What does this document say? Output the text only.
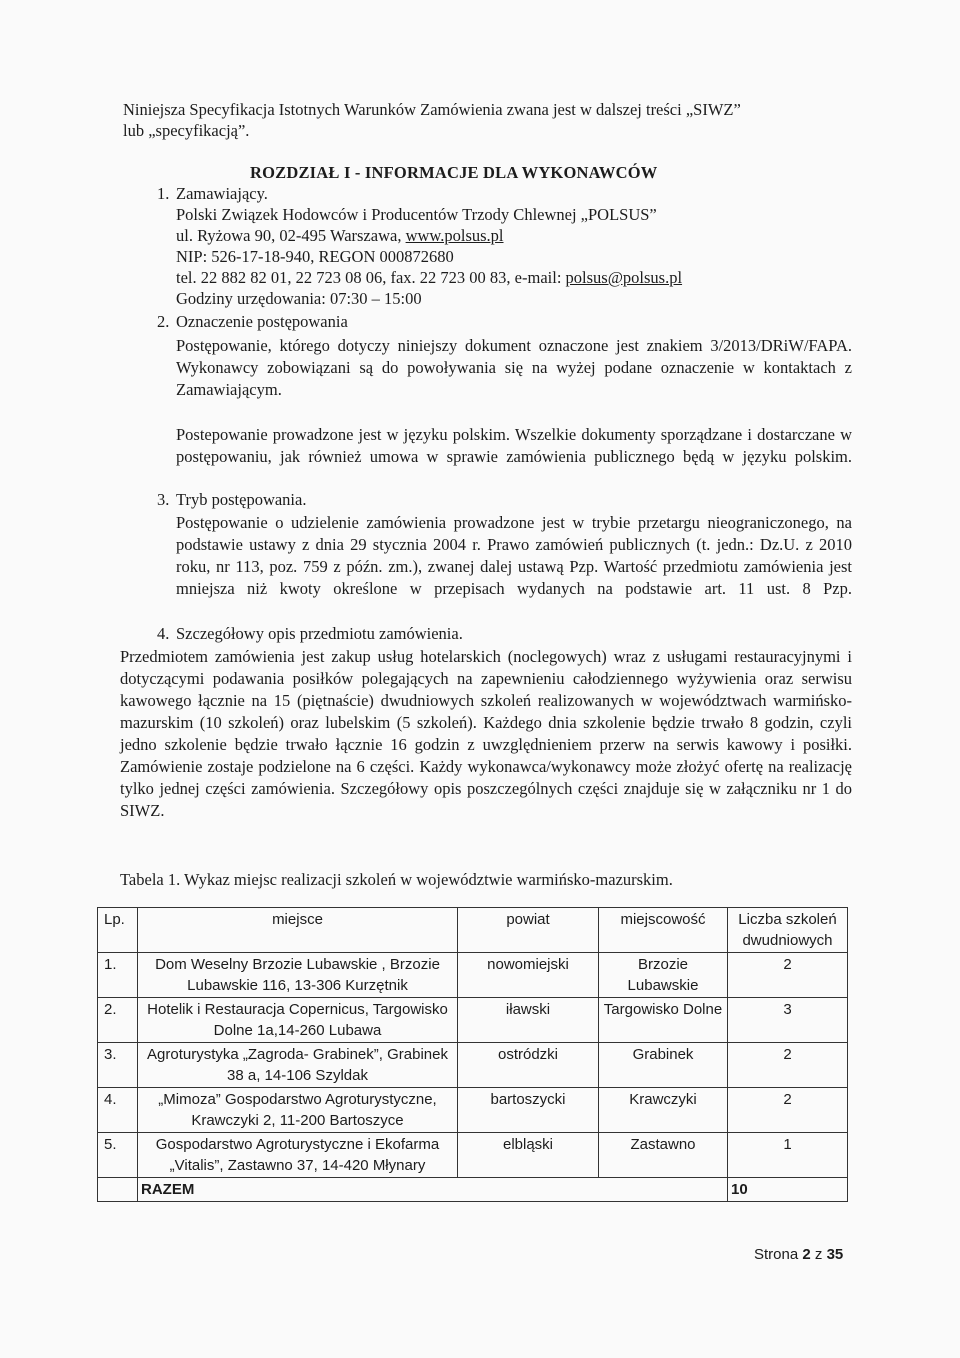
Niniejsza Specyfikacja Istotnych Warunków Zamówienia zwana jest w dalszej treści „SIWZ”
lub „specyfikacją”.
ROZDZIAŁ I - INFORMACJE DLA WYKONAWCÓW
1. Zamawiający.
Polski Związek Hodowców i Producentów Trzody Chlewnej „POLSUS”
ul. Ryżowa 90, 02-495 Warszawa, www.polsus.pl
NIP: 526-17-18-940, REGON 000872680
tel. 22 882 82 01, 22 723 08 06, fax. 22 723 00 83, e-mail: polsus@polsus.pl
Godziny urzędowania: 07:30 – 15:00
2. Oznaczenie postępowania
Postępowanie, którego dotyczy niniejszy dokument oznaczone jest znakiem 3/2013/DRiW/FAPA. Wykonawcy zobowiązani są do powoływania się na wyżej podane oznaczenie w kontaktach z Zamawiającym.
Postepowanie prowadzone jest w języku polskim. Wszelkie dokumenty sporządzane i dostarczane w postępowaniu, jak również umowa w sprawie zamówienia publicznego będą w języku polskim.
3. Tryb postępowania.
Postępowanie o udzielenie zamówienia prowadzone jest w trybie przetargu nieograniczonego, na podstawie ustawy z dnia 29 stycznia 2004 r. Prawo zamówień publicznych (t. jedn.: Dz.U. z 2010 roku, nr 113, poz. 759 z późn. zm.), zwanej dalej ustawą Pzp. Wartość przedmiotu zamówienia jest mniejsza niż kwoty określone w przepisach wydanych na podstawie art. 11 ust. 8 Pzp.
4. Szczegółowy opis przedmiotu zamówienia.
Przedmiotem zamówienia jest zakup usług hotelarskich (noclegowych) wraz z usługami restauracyjnymi i dotyczącymi podawania posiłków polegających na zapewnieniu całodziennego wyżywienia oraz serwisu kawowego łącznie na 15 (piętnaście) dwudniowych szkoleń realizowanych w województwach warmińsko-mazurskim (10 szkoleń) oraz lubelskim (5 szkoleń). Każdego dnia szkolenie będzie trwało 8 godzin, czyli jedno szkolenie będzie trwało łącznie 16 godzin z uwzględnieniem przerw na serwis kawowy i posiłki. Zamówienie zostaje podzielone na 6 części. Każdy wykonawca/wykonawcy może złożyć ofertę na realizację tylko jednej części zamówienia. Szczegółowy opis poszczególnych części znajduje się w załączniku nr 1 do SIWZ.
Tabela 1. Wykaz miejsc realizacji szkoleń w województwie warmińsko-mazurskim.
Lp.	miejsce	powiat	miejscowość	Liczba szkoleń dwudniowych
1.	Dom Weselny Brzozie Lubawskie , Brzozie Lubawskie 116, 13-306 Kurzętnik	nowomiejski	Brzozie Lubawskie	2
2.	Hotelik i Restauracja Copernicus, Targowisko Dolne 1a,14-260 Lubawa	iławski	Targowisko Dolne	3
3.	Agroturystyka „Zagroda- Grabinek”, Grabinek 38 a, 14-106 Szyldak	ostródzki	Grabinek	2
4.	„Mimoza” Gospodarstwo Agroturystyczne, Krawczyki 2, 11-200 Bartoszyce	bartoszycki	Krawczyki	2
5.	Gospodarstwo Agroturystyczne i Ekofarma „Vitalis”, Zastawno 37, 14-420 Młynary	elbląski	Zastawno	1
	RAZEM			10
Strona 2 z 35
